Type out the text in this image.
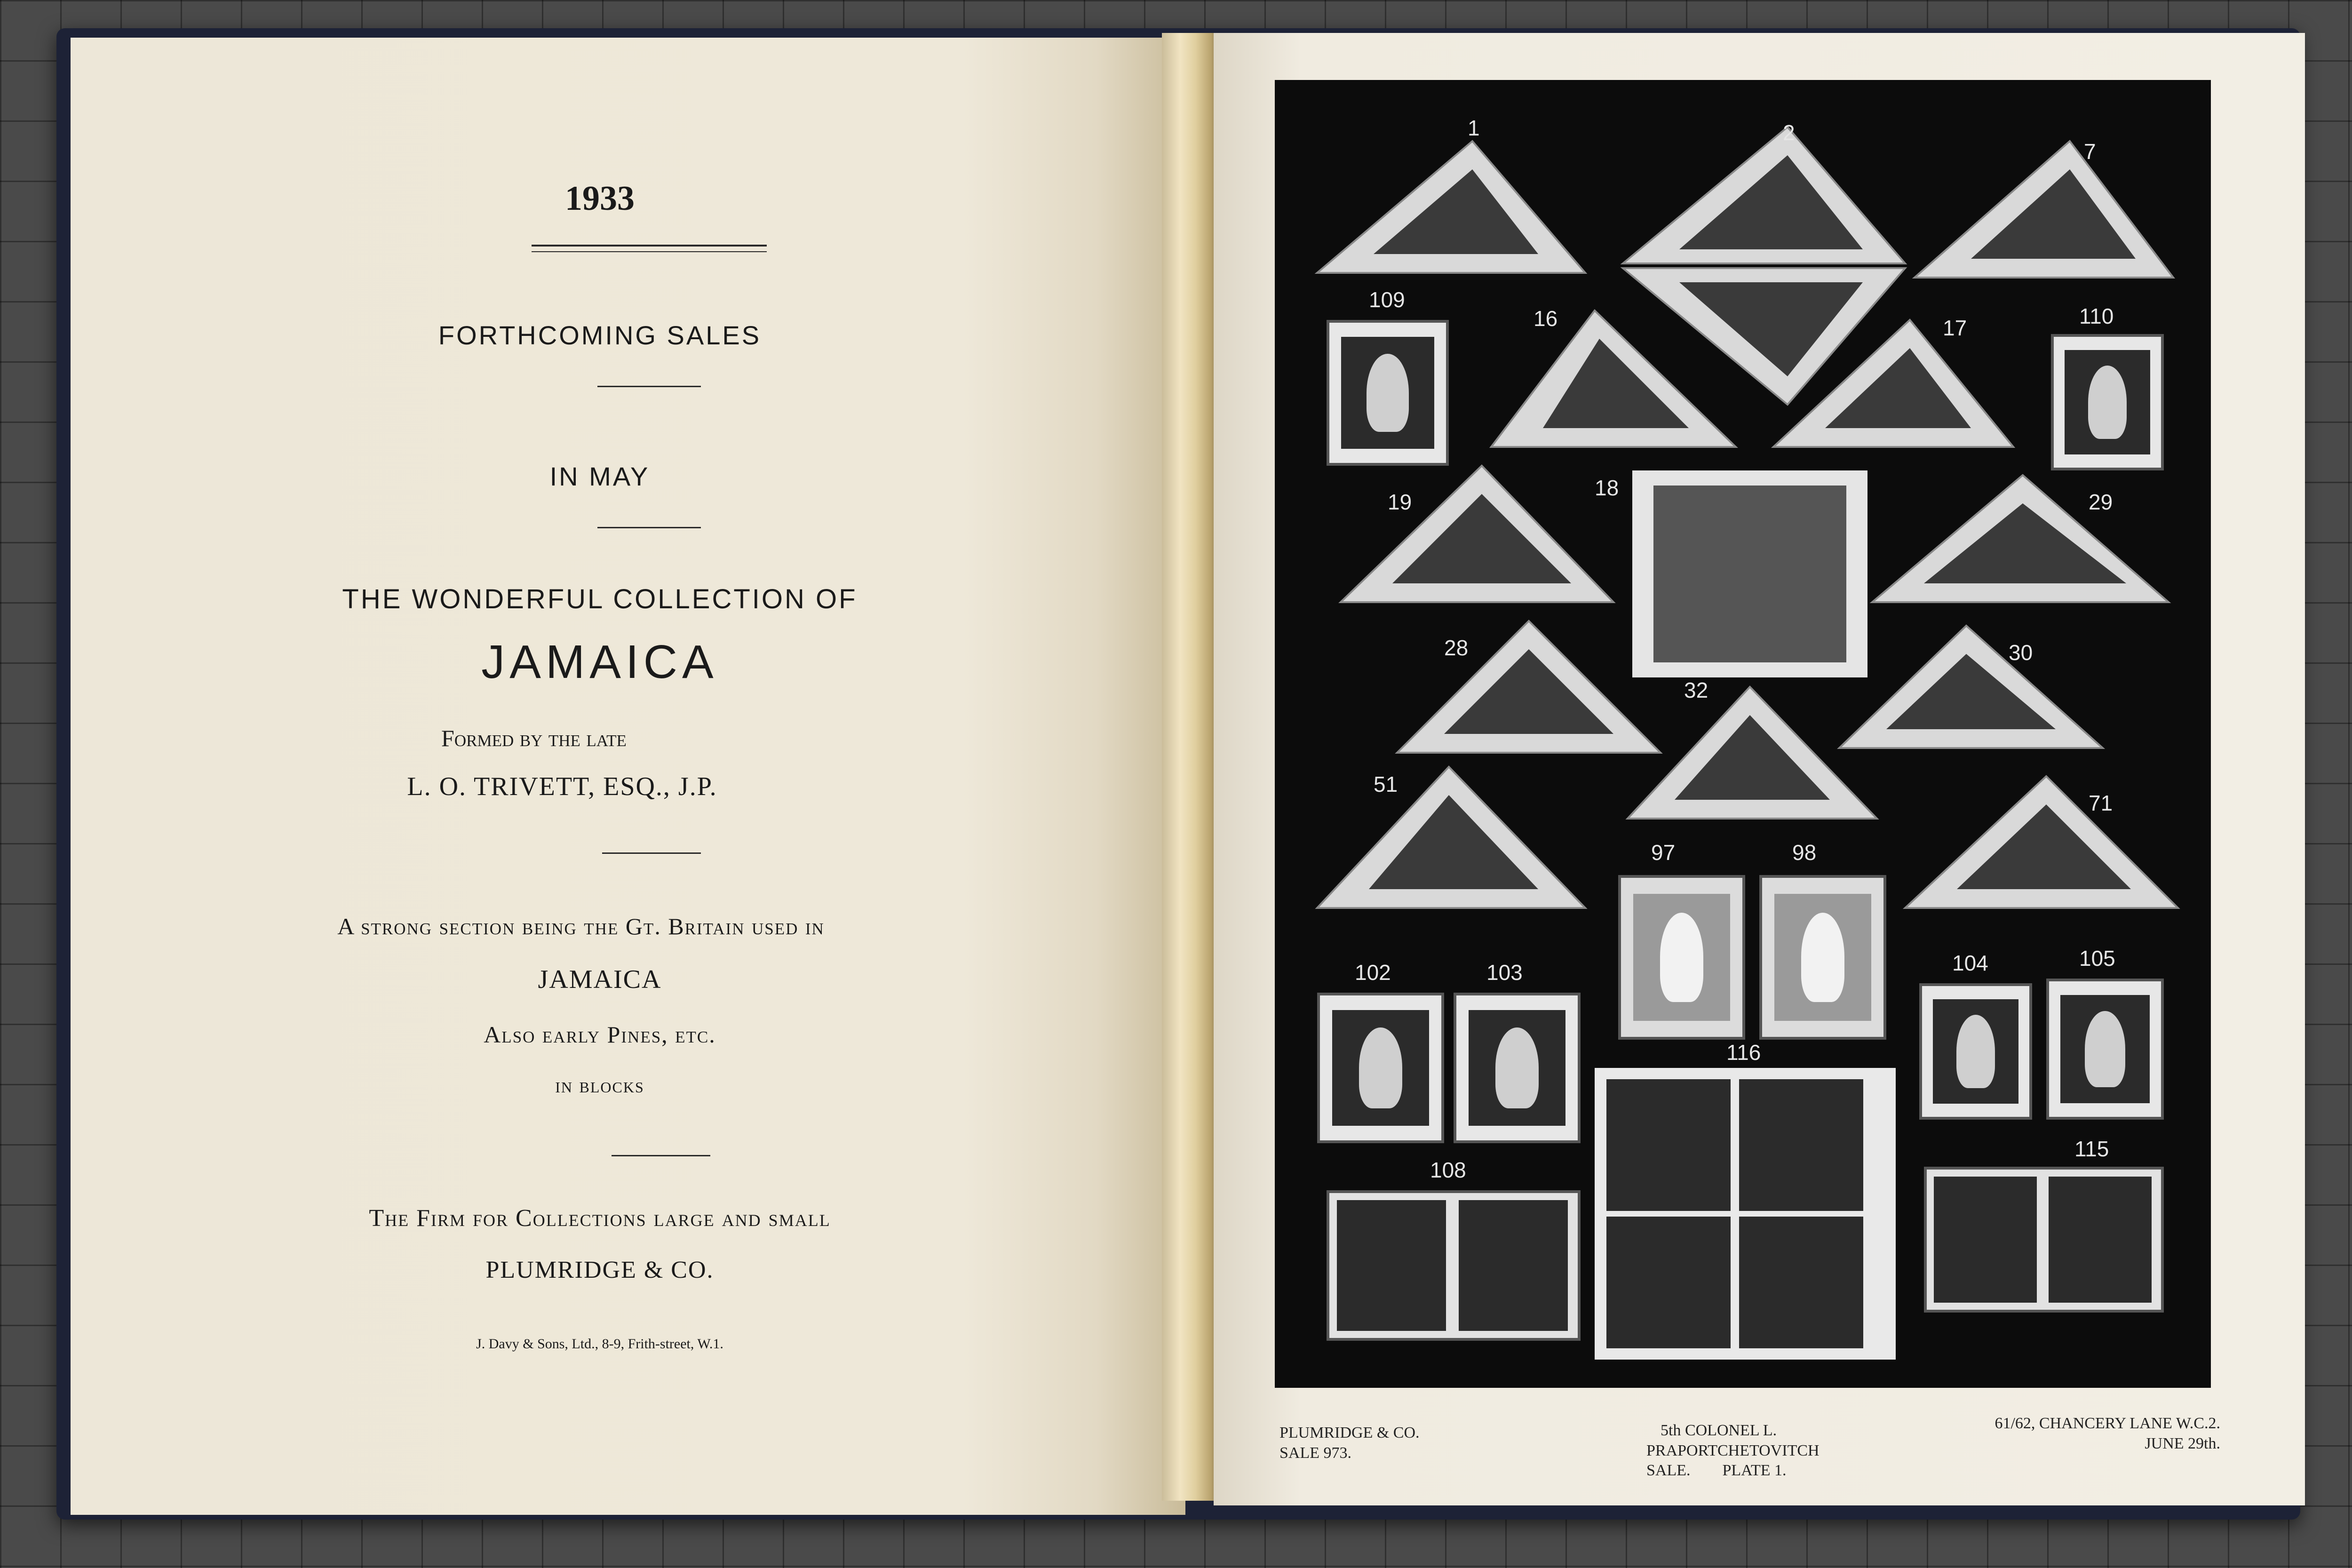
1933
FORTHCOMING SALES
IN MAY
THE WONDERFUL COLLECTION OF
JAMAICA
Formed by the late
L. O. TRIVETT, ESQ., J.P.
A strong section being the Gt. Britain used in
JAMAICA
Also early Pines, etc.
in blocks
The Firm for Collections large and small
PLUMRIDGE & CO.
J. Davy & Sons, Ltd., 8-9, Frith-street, W.1.
1	2
7
109
16	17	110
19
18
29
28	30
32
51
71
97	98
102	103	104	105
116
108
115
PLUMRIDGE & CO.
SALE 973.
5th COLONEL L.
PRAPORTCHETOVITCH
SALE.        PLATE 1.
61/62, CHANCERY LANE W.C.2.
JUNE 29th.
